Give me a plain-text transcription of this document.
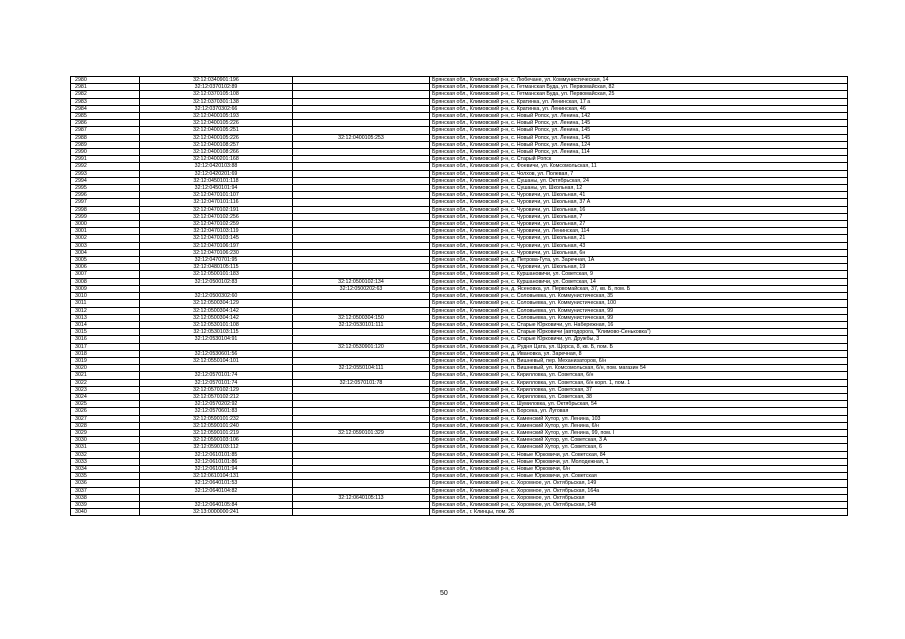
2980	32:12:0340901:196		Брянская обл., Климовский р-н, с. Любечане, ул. Коммунистическая, 14
2981	32:12:0370102:89		Брянская обл., Климовский р-н, с. Гетманская Буда, ул. Первомайская, 82
2982	32:12:0370105:108		Брянская обл., Климовский р-н, с. Гетманская Буда, ул. Первомайская, 25
2983	32:12:0370301:138		Брянская обл., Климовский р-н, с. Кратинка, ул. Ленинская, 17 а
2984	32:12:0370302:66		Брянская обл., Климовский р-н, с. Кратинка, ул. Ленинская, 46
2985	32:12:0400105:193		Брянская обл., Климовский р-н, с. Новый Ропск, ул. Ленина, 142
2986	32:12:0400105:226		Брянская обл., Климовский р-н, с. Новый Ропск, ул. Ленина, 145
2987	32:12:0400105:251		Брянская обл., Климовский р-н, с. Новый Ропск, ул. Ленина, 145
2988	32:12:0400105:226	32:12:0400105:253	Брянская обл., Климовский р-н, с. Новый Ропск, ул. Ленина, 145
2989	32:12:0400108:257		Брянская обл., Климовский р-н, с. Новый Ропск, ул. Ленина, 124
2990	32:12:0400108:266		Брянская обл., Климовский р-н, с. Новый Ропск, ул. Ленина, 114
2991	32:12:0400201:168		Брянская обл., Климовский р-н, с. Старый Ропск
2992	32:12:0420103:88		Брянская обл., Климовский р-н, с. Фоевичи, ул. Комсомольская, 11
2993	32:12:0420201:69		Брянская обл., Климовский р-н, с. Чолхов, ул. Полевая, 7
2994	32:12:0450101:118		Брянская обл., Климовский р-н, с. Сушаны, ул. Октябрьская, 24
2995	32:12:0450101:94		Брянская обл., Климовский р-н, с. Сушаны, ул. Школьная, 12
2996	32:12:0470101:107		Брянская обл., Климовский р-н, с. Чуровичи, ул. Школьная, 41
2997	32:12:0470101:116		Брянская обл., Климовский р-н, с. Чуровичи, ул. Школьная, 37 А
2998	32:12:0470102:191		Брянская обл., Климовский р-н, с. Чуровичи, ул. Школьная, 16
2999	32:12:0470102:256		Брянская обл., Климовский р-н, с. Чуровичи, ул. Школьная, 7
3000	32:12:0470102:259		Брянская обл., Климовский р-н, с. Чуровичи, ул. Школьная, 27
3001	32:12:0470103:119		Брянская обл., Климовский р-н, с. Чуровичи, ул. Ленинская, 114
3002	32:12:0470103:145		Брянская обл., Климовский р-н, с. Чуровичи, ул. Школьная, 21
3003	32:12:0470106:197		Брянская обл., Климовский р-н, с. Чуровичи, ул. Школьная, 43
3004	32:12:0470106:230		Брянская обл., Климовский р-н, с. Чуровичи, ул. Школьная, 6н
3005	32:12:0470701:95		Брянская обл., Климовский р-н, д. Петрова-Гута, ул. Заречная, 1А
3006	32:12:0480105:115		Брянская обл., Климовский р-н, с. Чуровичи, ул. Школьная, 19
3007	32:12:0500101:183		Брянская обл., Климовский р-н, с. Куршановичи, ул. Советская, 9
3008	32:12:0500102:83	32:12:0500102:134	Брянская обл., Климовский р-н, с. Куршановичи, ул. Советская, 14
3009		32:12:0500202:63	Брянская обл., Климовский р-н, д. Ясеновка, ул. Первомайская, 37, кв. Б, пом. Б
3010	32:12:0500302:60		Брянская обл., Климовский р-н, с. Соловьевка, ул. Коммунистическая, 35
3011	32:12:0500304:129		Брянская обл., Климовский р-н, с. Соловьевка, ул. Коммунистическая, 100
3012	32:12:0500304:142		Брянская обл., Климовский р-н, с. Соловьевка, ул. Коммунистическая, 99
3013	32:12:0500304:142	32:12:0500304:150	Брянская обл., Климовский р-н, с. Соловьевка, ул. Коммунистическая, 99
3014	32:12:0530101:108	32:12:0530101:111	Брянская обл., Климовский р-н, с. Старые Юрковичи, ул. Набережная, 16
3015	32:12:0530103:115		Брянская обл., Климовский р-н, с. Старые Юрковичи (автодорога, "Климово-Сеньковка")
3016	32:12:0530104:91		Брянская обл., Климовский р-н, с. Старые Юрковичи, ул. Дружбы, 3
3017		32:12:0530901:120	Брянская обл., Климовский р-н, д. Рудня Цата, ул. Щорса, 8, кв. Б, пом. Б
3018	32:12:0530601:56		Брянская обл., Климовский р-н, д. Ивановка, ул. Заречная, 8
3019	32:12:0550104:101		Брянская обл., Климовский р-н, п. Вишневый, пер. Механизаторов, 6/н
3020		32:12:0550104:111	Брянская обл., Климовский р-н, п. Вишневый, ул. Комсомольская, 6/н, пом. магазин 54
3021	32:12:0570101:74		Брянская обл., Климовский р-н, с. Кирилловка, ул. Советская, 6/н
3022	32:12:0570101:74	32:12:0570101:78	Брянская обл., Климовский р-н, с. Кирилловка, ул. Советская, 6/н корп. 1, пом. 1
3023	32:12:0570102:129		Брянская обл., Климовский р-н, с. Кирилловка, ул. Советская, 37
3024	32:12:0570102:212		Брянская обл., Климовский р-н, с. Кирилловка, ул. Советская, 38
3025	32:12:0570202:92		Брянская обл., Климовский р-н, с. Шумиловка, ул. Октябрьская, 54
3026	32:12:0570601:83		Брянская обл., Климовский р-н, п. Борсека, ул. Луговая
3027	32:12:0590101:232		Брянская обл., Климовский р-н, с. Каменский Хутор, ул. Ленина, 103
3028	32:12:0590101:240		Брянская обл., Климовский р-н, с. Каменский Хутор, ул. Ленина, 6/н
3029	32:12:0590101:219	32:12:0590101:329	Брянская обл., Климовский р-н, с. Каменский Хутор, ул. Ленина, 99, пом. I
3030	32:12:0590103:106		Брянская обл., Климовский р-н, с. Каменский Хутор, ул. Советская, 3 А
3031	32:12:0590103:112		Брянская обл., Климовский р-н, с. Каменский Хутор, ул. Советская, 6
3032	32:12:0610101:85		Брянская обл., Климовский р-н, с. Новые Юрковичи, ул. Советская, 84
3033	32:12:0610101:86		Брянская обл., Климовский р-н, с. Новые Юрковичи, ул. Молодежная, 1
3034	32:12:0610101:94		Брянская обл., Климовский р-н, с. Новые Юрковичи, 6/н
3035	32:12:0610104:131		Брянская обл., Климовский р-н, с. Новые Юрковичи, ул. Советская
3036	32:12:0640101:53		Брянская обл., Климовский р-н, с. Хоромное, ул. Октябрьская, 149
3037	32:12:0640104:82		Брянская обл., Климовский р-н, с. Хоромное, ул. Октябрьская, 164а
3038		32:12:0640105:113	Брянская обл., Климовский р-н, с. Хоромное, ул. Октябрьская
3039	32:12:0640105:84		Брянская обл., Климовский р-н, с. Хоромное, ул. Октябрьская, 148
3040	32:13:0000000:241		Брянская обл., г. Клинцы, пом. 26
50
